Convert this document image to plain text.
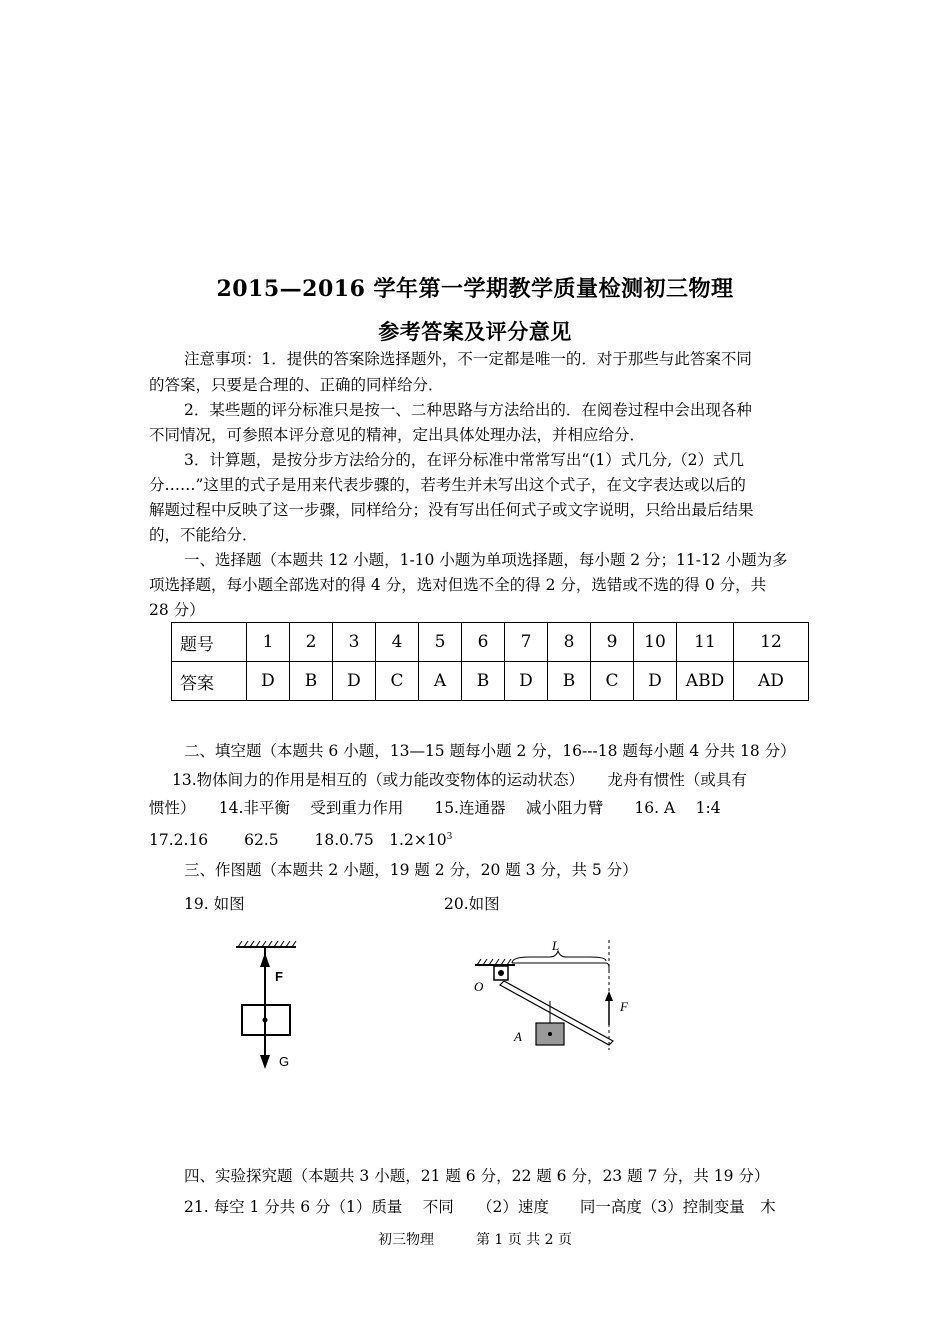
2015—2016 学年第一学期教学质量检测初三物理
参考答案及评分意见
注意事项：1．提供的答案除选择题外，不一定都是唯一的．对于那些与此答案不同
的答案，只要是合理的、正确的同样给分．
2．某些题的评分标准只是按一、二种思路与方法给出的．在阅卷过程中会出现各种
不同情况，可参照本评分意见的精神，定出具体处理办法，并相应给分．
3．计算题，是按分步方法给分的，在评分标准中常常写出“(1）式几分,（2）式几
分……”这里的式子是用来代表步骤的，若考生并未写出这个式子，在文字表达或以后的
解题过程中反映了这一步骤，同样给分；没有写出任何式子或文字说明，只给出最后结果
的，不能给分．
一、选择题（本题共 12 小题，1-10 小题为单项选择题，每小题 2 分；11-12 小题为多
项选择题，每小题全部选对的得 4 分，选对但选不全的得 2 分，选错或不选的得 0 分，共
28 分）
题号	1	2	3	4	5	6	7	8	9	10	11	12
答案	D	B	D	C	A	B	D	B	C	D	ABD	AD
二、填空题（本题共 6 小题，13—15 题每小题 2 分，16---18 题每小题 4 分共 18 分）
13.物体间力的作用是相互的（或力能改变物体的运动状态）　　龙舟有惯性（或具有
惯性）　　14.非平衡　 受到重力作用　　15.连通器　 减小阻力臂　　16. A　 1:4
17.2.16　　 62.5　　 18.0.75　$1.2\times 10^3$
三、作图题（本题共 2 小题，19 题 2 分，20 题 3 分，共 5 分）
19. 如图	20.如图
F
G
L
O
F
A
四、实验探究题（本题共 3 小题，21 题 6 分，22 题 6 分，23 题 7 分，共 19 分）
21. 每空 1 分共 6 分（1）质量　 不同　　（2）速度　　同一高度（3）控制变量　木
初三物理　　　第 1 页 共 2 页
